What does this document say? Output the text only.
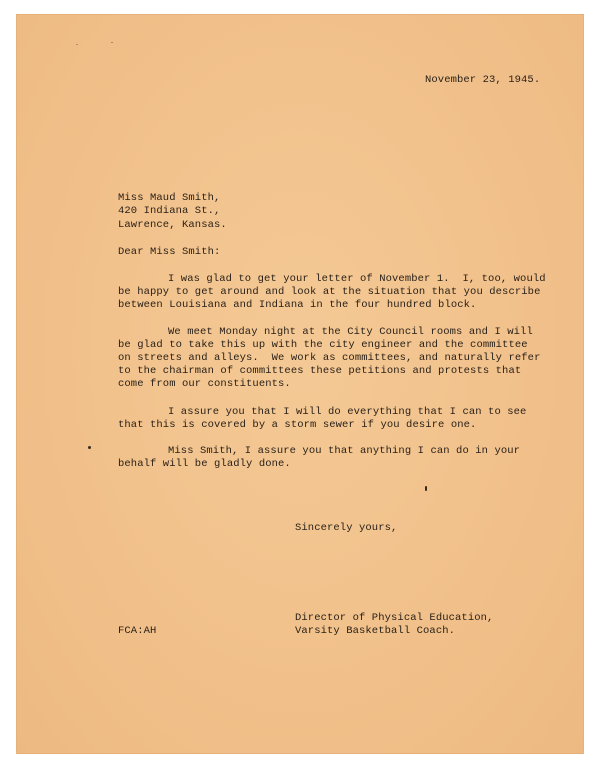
November 23, 1945.
Miss Maud Smith,
420 Indiana St.,
Lawrence, Kansas.
Dear Miss Smith:
I was glad to get your letter of November 1.  I, too, would
be happy to get around and look at the situation that you describe
between Louisiana and Indiana in the four hundred block.
We meet Monday night at the City Council rooms and I will
be glad to take this up with the city engineer and the committee
on streets and alleys.  We work as committees, and naturally refer
to the chairman of committees these petitions and protests that
come from our constituents.
I assure you that I will do everything that I can to see
that this is covered by a storm sewer if you desire one.
Miss Smith, I assure you that anything I can do in your
behalf will be gladly done.
Sincerely yours,
Director of Physical Education,
Varsity Basketball Coach.
FCA:AH
